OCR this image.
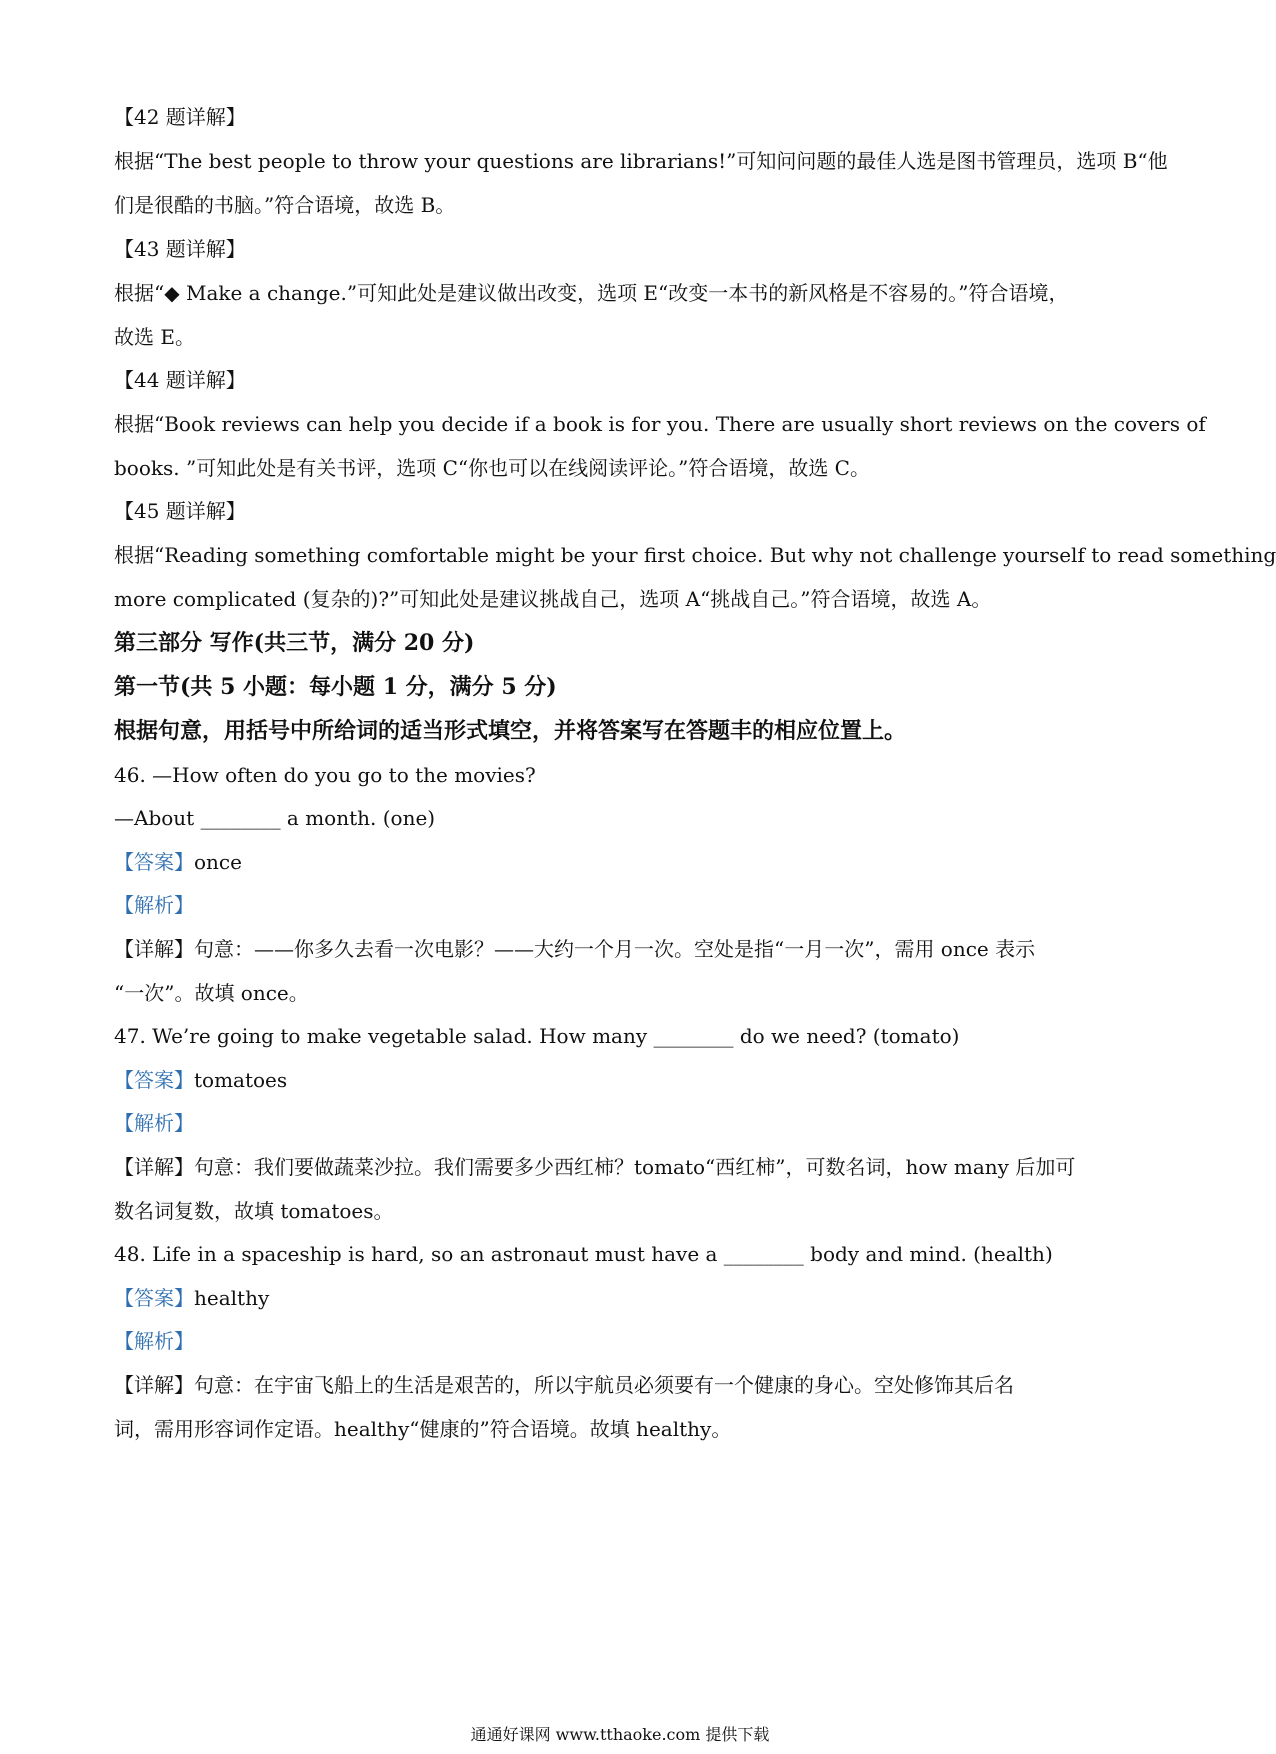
【42 题详解】
根据“The best people to throw your questions are librarians!”可知问问题的最佳人选是图书管理员，选项 B“他
们是很酷的书脑。”符合语境，故选 B。
【43 题详解】
根据“◆ Make a change.”可知此处是建议做出改变，选项 E“改变一本书的新风格是不容易的。”符合语境，
故选 E。
【44 题详解】
根据“Book reviews can help you decide if a book is for you. There are usually short reviews on the covers of
books. ”可知此处是有关书评，选项 C“你也可以在线阅读评论。”符合语境，故选 C。
【45 题详解】
根据“Reading something comfortable might be your first choice. But why not challenge yourself to read something
more complicated (复杂的)?”可知此处是建议挑战自己，选项 A“挑战自己。”符合语境，故选 A。
第三部分 写作(共三节，满分 20 分)
第一节(共 5 小题：每小题 1 分，满分 5 分)
根据句意，用括号中所给词的适当形式填空，并将答案写在答题丰的相应位置上。
46. —How often do you go to the movies?
—About ________ a month. (one)
【答案】once
【解析】
【详解】句意：——你多久去看一次电影？——大约一个月一次。空处是指“一月一次”，需用 once 表示
“一次”。故填 once。
47. We’re going to make vegetable salad. How many ________ do we need? (tomato)
【答案】tomatoes
【解析】
【详解】句意：我们要做蔬菜沙拉。我们需要多少西红柿？tomato“西红柿”，可数名词，how many 后加可
数名词复数，故填 tomatoes。
48. Life in a spaceship is hard, so an astronaut must have a ________ body and mind. (health)
【答案】healthy
【解析】
【详解】句意：在宇宙飞船上的生活是艰苦的，所以宇航员必须要有一个健康的身心。空处修饰其后名
词，需用形容词作定语。healthy“健康的”符合语境。故填 healthy。
通通好课网 www.tthaoke.com 提供下载
